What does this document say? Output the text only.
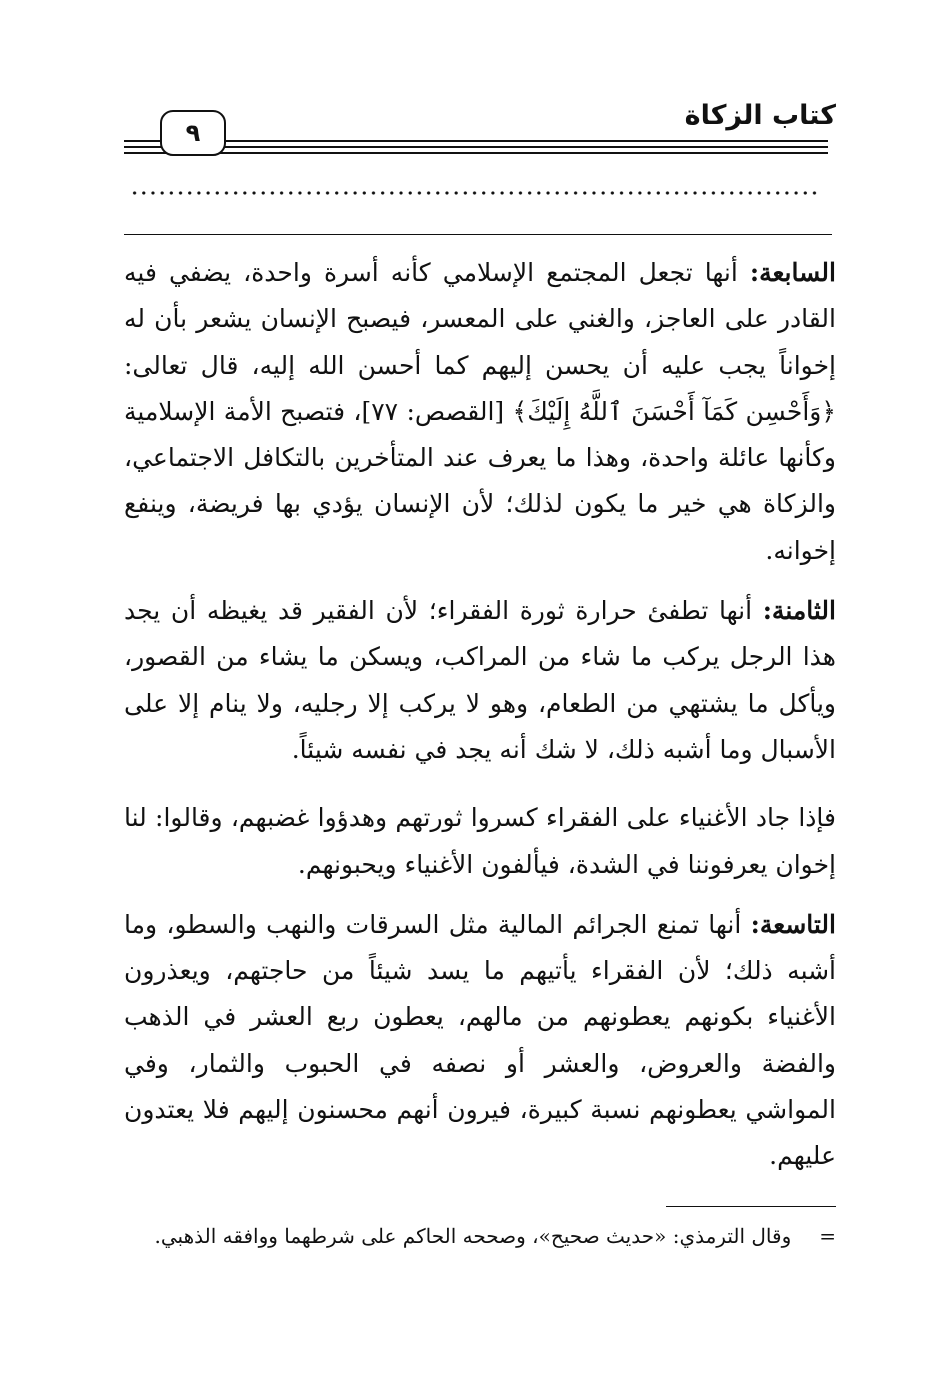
كتاب الزكاة
٩

السابعة: أنها تجعل المجتمع الإسلامي كأنه أسرة واحدة، يضفي فيه القادر على العاجز، والغني على المعسر، فيصبح الإنسان يشعر بأن له إخواناً يجب عليه أن يحسن إليهم كما أحسن الله إليه، قال تعالى: ﴿وَأَحْسِن كَمَآ أَحْسَنَ ٱللَّهُ إِلَيْكَ﴾ [القصص: ٧٧]، فتصبح الأمة الإسلامية وكأنها عائلة واحدة، وهذا ما يعرف عند المتأخرين بالتكافل الاجتماعي، والزكاة هي خير ما يكون لذلك؛ لأن الإنسان يؤدي بها فريضة، وينفع إخوانه.

الثامنة: أنها تطفئ حرارة ثورة الفقراء؛ لأن الفقير قد يغيظه أن يجد هذا الرجل يركب ما شاء من المراكب، ويسكن ما يشاء من القصور، ويأكل ما يشتهي من الطعام، وهو لا يركب إلا رجليه، ولا ينام إلا على الأسبال وما أشبه ذلك، لا شك أنه يجد في نفسه شيئاً.

فإذا جاد الأغنياء على الفقراء كسروا ثورتهم وهدؤوا غضبهم، وقالوا: لنا إخوان يعرفوننا في الشدة، فيألفون الأغنياء ويحبونهم.

التاسعة: أنها تمنع الجرائم المالية مثل السرقات والنهب والسطو، وما أشبه ذلك؛ لأن الفقراء يأتيهم ما يسد شيئاً من حاجتهم، ويعذرون الأغنياء بكونهم يعطونهم من مالهم، يعطون ربع العشر في الذهب والفضة والعروض، والعشر أو نصفه في الحبوب والثمار، وفي المواشي يعطونهم نسبة كبيرة، فيرون أنهم محسنون إليهم فلا يعتدون عليهم.

=
وقال الترمذي: «حديث صحيح»، وصححه الحاكم على شرطهما ووافقه الذهبي.
